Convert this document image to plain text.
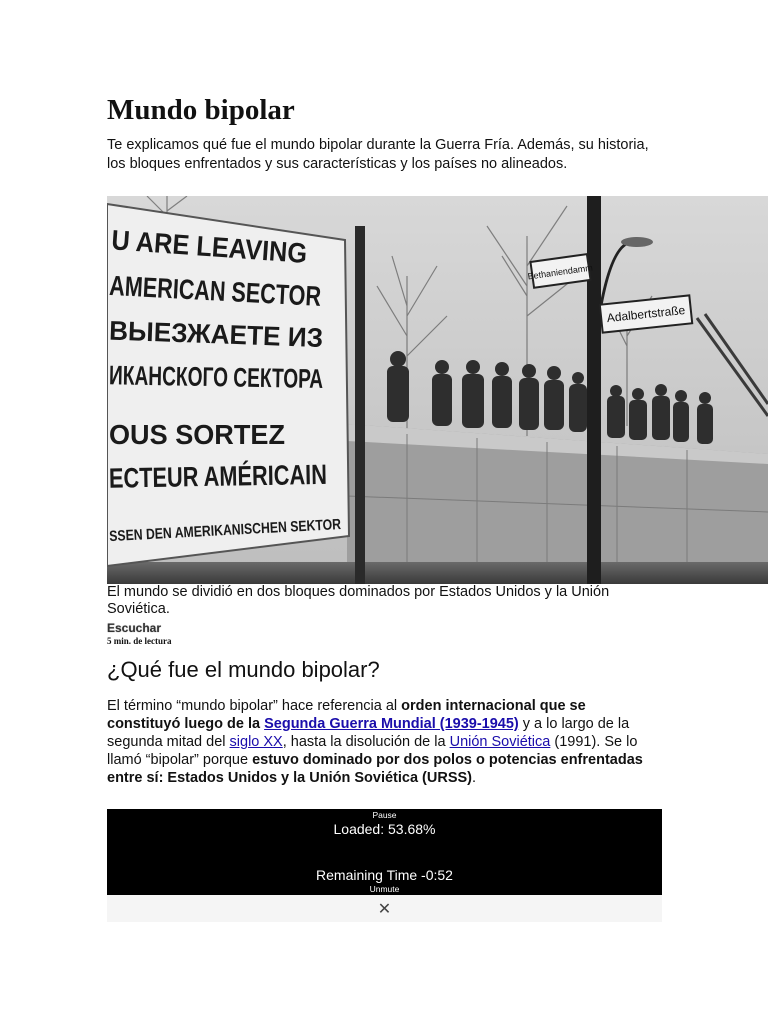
Mundo bipolar
Te explicamos qué fue el mundo bipolar durante la Guerra Fría. Además, su historia, los bloques enfrentados y sus características y los países no alineados.
Bethaniendamm
Adalbertstraße
U ARE LEAVING
AMERICAN SECTOR
ВЫЕЗЖАЕТЕ ИЗ
ИКАНСКОГО СЕКТОРА
OUS SORTEZ
ECTEUR AMÉRICAIN
SSEN DEN AMERIKANISCHEN SEKTOR
El mundo se dividió en dos bloques dominados por Estados Unidos y la Unión Soviética.
Escuchar
5 min. de lectura
¿Qué fue el mundo bipolar?
El término “mundo bipolar” hace referencia al orden internacional que se constituyó luego de la Segunda Guerra Mundial (1939-1945) y a lo largo de la segunda mitad del siglo XX, hasta la disolución de la Unión Soviética (1991). Se lo llamó “bipolar” porque estuvo dominado por dos polos o potencias enfrentadas entre sí: Estados Unidos y la Unión Soviética (URSS).
Pause
Loaded: 53.68%
Remaining Time -0:52
Unmute
✕
